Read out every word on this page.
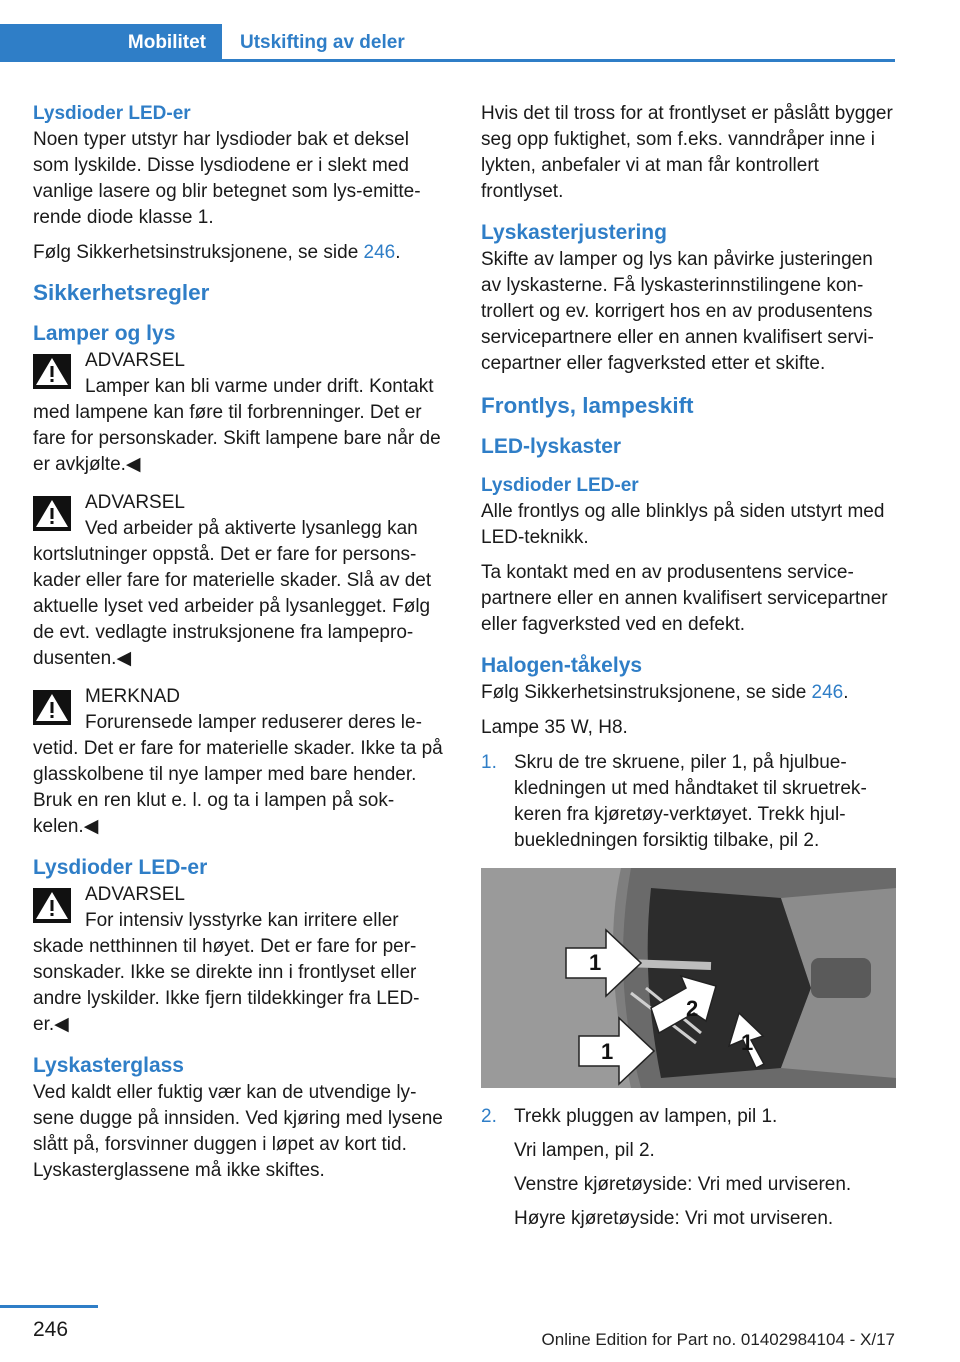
Mobilitet	Utskifting av deler
Lysdioder LED-er

Noen typer utstyr har lysdioder bak et deksel som lyskilde. Disse lysdiodene er i slekt med vanlige lasere og blir betegnet som lys-emitterende diode klasse 1.

Følg Sikkerhetsinstruksjonene, se side 246.

Sikkerhetsregler
Lamper og lys
ADVARSEL
Lamper kan bli varme under drift. Kontakt med lampene kan føre til forbrenninger. Det er fare for personskader. Skift lampene bare når de er avkjølte.◀
ADVARSEL
Ved arbeider på aktiverte lysanlegg kan kortslutninger oppstå. Det er fare for personskader eller fare for materielle skader. Slå av det aktuelle lyset ved arbeider på lysanlegget. Følg de evt. vedlagte instruksjonene fra lampeprodusenten.◀
MERKNAD
Forurensede lamper reduserer deres levetid. Det er fare for materielle skader. Ikke ta på glasskolbene til nye lamper med bare hender. Bruk en ren klut e. l. og ta i lampen på sokkelen.◀
Lysdioder LED-er
ADVARSEL
For intensiv lysstyrke kan irritere eller skade netthinnen til høyet. Det er fare for personskader. Ikke se direkte inn i frontlyset eller andre lyskilder. Ikke fjern tildekkinger fra LED-er.◀
Lyskasterglass

Ved kaldt eller fuktig vær kan de utvendige lysene dugge på innsiden. Ved kjøring med lysene slått på, forsvinner duggen i løpet av kort tid. Lyskasterglassene må ikke skiftes.

Hvis det til tross for at frontlyset er påslått bygger seg opp fuktighet, som f.eks. vanndråper inne i lykten, anbefaler vi at man får kontrollert frontlyset.

Lyskasterjustering

Skifte av lamper og lys kan påvirke justeringen av lyskasterne. Få lyskasterinnstilingene kontrollert og ev. korrigert hos en av produsentens servicepartnere eller en annen kvalifisert servicepartner eller fagverksted etter et skifte.

Frontlys, lampeskift
LED-lyskaster
Lysdioder LED-er

Alle frontlys og alle blinklys på siden utstyrt med LED-teknikk.

Ta kontakt med en av produsentens servicepartnere eller en annen kvalifisert servicepartner eller fagverksted ved en defekt.

Halogen-tåkelys

Følg Sikkerhetsinstruksjonene, se side 246.

Lampe 35 W, H8.

1. Skru de tre skruene, piler 1, på hjulbuekledningen ut med håndtaket til skruetrekkeren fra kjøretøy-verktøyet. Trekk hjulbuekledningen forsiktig tilbake, pil 2.
1
1
2
1
2. Trekk pluggen av lampen, pil 1.
Vri lampen, pil 2.
Venstre kjøretøyside: Vri med urviseren.
Høyre kjøretøyside: Vri mot urviseren.
246	Online Edition for Part no. 01402984104 - X/17
